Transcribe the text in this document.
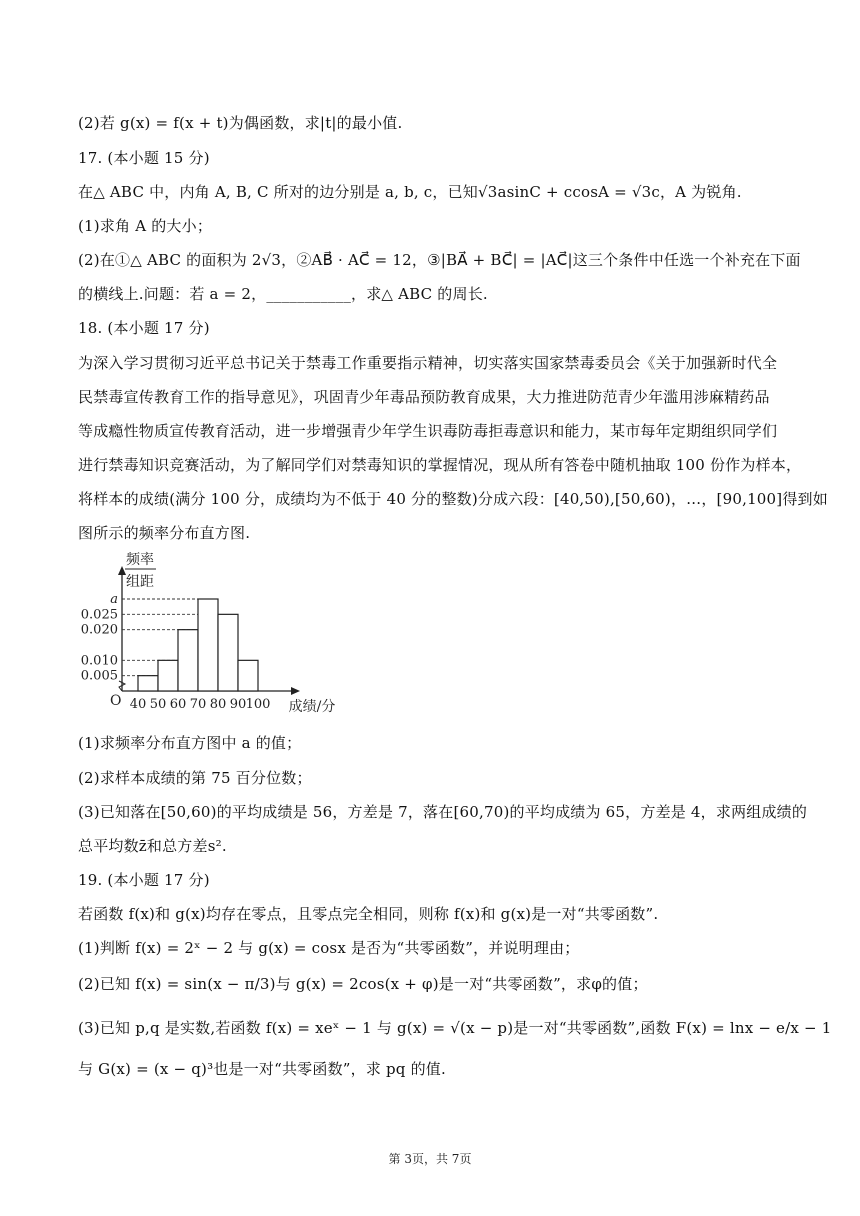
(2)若 g(x) = f(x + t)为偶函数，求|t|的最小值.
17. (本小题 15 分)
在△ ABC 中，内角 A, B, C 所对的边分别是 a, b, c，已知√3asinC + ccosA = √3c，A 为锐角.
(1)求角 A 的大小；
(2)在①△ ABC 的面积为 2√3，②AB⃗ · AC⃗ = 12，③|BA⃗ + BC⃗| = |AC⃗|这三个条件中任选一个补充在下面
的横线上.问题：若 a = 2，___________，求△ ABC 的周长.
18. (本小题 17 分)
为深入学习贯彻习近平总书记关于禁毒工作重要指示精神，切实落实国家禁毒委员会《关于加强新时代全
民禁毒宣传教育工作的指导意见》，巩固青少年毒品预防教育成果，大力推进防范青少年滥用涉麻精药品
等成瘾性物质宣传教育活动，进一步增强青少年学生识毒防毒拒毒意识和能力，某市每年定期组织同学们
进行禁毒知识竞赛活动，为了解同学们对禁毒知识的掌握情况，现从所有答卷中随机抽取 100 份作为样本，
将样本的成绩(满分 100 分，成绩均为不低于 40 分的整数)分成六段：[40,50),[50,60)，…，[90,100]得到如
图所示的频率分布直方图.
O
频率
组距
成绩/分
0.005
0.010
0.020
0.025
a
40 50 60 70 80 90 100
(1)求频率分布直方图中 a 的值；
(2)求样本成绩的第 75 百分位数；
(3)已知落在[50,60)的平均成绩是 56，方差是 7，落在[60,70)的平均成绩为 65，方差是 4，求两组成绩的
总平均数z̄和总方差s².
19. (本小题 17 分)
若函数 f(x)和 g(x)均存在零点，且零点完全相同，则称 f(x)和 g(x)是一对“共零函数”.
(1)判断 f(x) = 2ˣ − 2 与 g(x) = cosx 是否为“共零函数”，并说明理由；
(2)已知 f(x) = sin(x − π/3)与 g(x) = 2cos(x + φ)是一对“共零函数”，求φ的值；
(3)已知 p,q 是实数,若函数 f(x) = xeˣ − 1 与 g(x) = √(x − p)是一对“共零函数”,函数 F(x) = lnx − e/x − 1
与 G(x) = (x − q)³也是一对“共零函数”，求 pq 的值.
第 3页，共 7页
